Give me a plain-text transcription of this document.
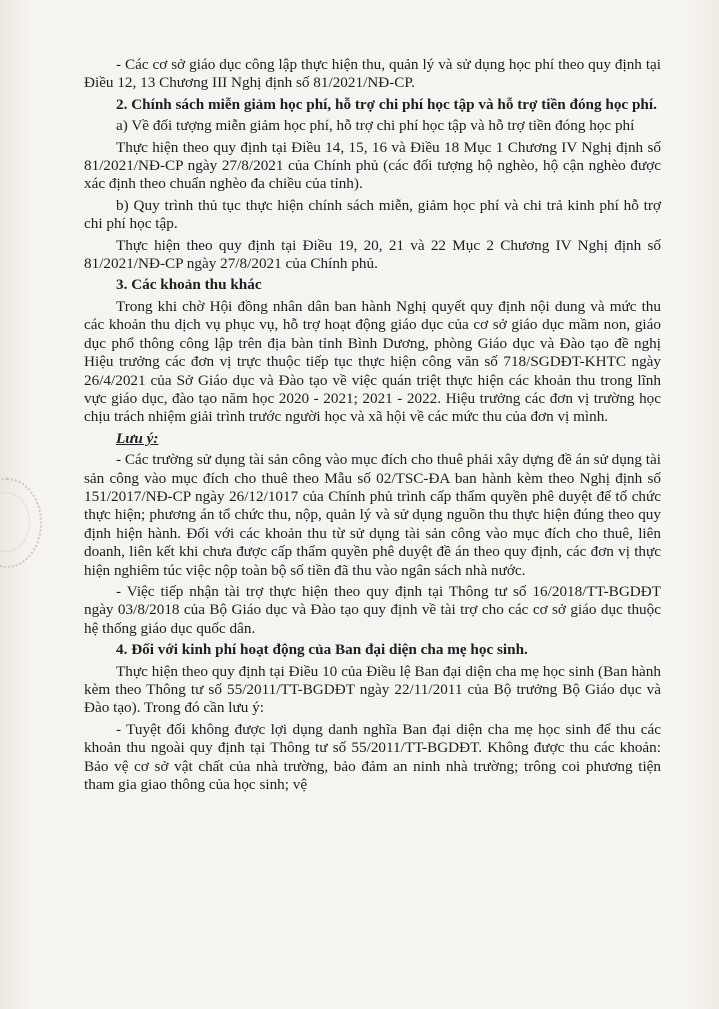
- Các cơ sở giáo dục công lập thực hiện thu, quản lý và sử dụng học phí theo quy định tại Điều 12, 13 Chương III Nghị định số 81/2021/NĐ-CP.

2. Chính sách miễn giảm học phí, hỗ trợ chi phí học tập và hỗ trợ tiền đóng học phí.

a) Về đối tượng miễn giảm học phí, hỗ trợ chi phí học tập và hỗ trợ tiền đóng học phí

Thực hiện theo quy định tại Điều 14, 15, 16 và Điều 18 Mục 1 Chương IV Nghị định số 81/2021/NĐ-CP ngày 27/8/2021 của Chính phủ (các đối tượng hộ nghèo, hộ cận nghèo được xác định theo chuẩn nghèo đa chiều của tỉnh).

b) Quy trình thủ tục thực hiện chính sách miễn, giảm học phí và chi trả kinh phí hỗ trợ chi phí học tập.

Thực hiện theo quy định tại Điều 19, 20, 21 và 22 Mục 2 Chương IV Nghị định số 81/2021/NĐ-CP ngày 27/8/2021 của Chính phủ.

3. Các khoản thu khác

Trong khi chờ Hội đồng nhân dân ban hành Nghị quyết quy định nội dung và mức thu các khoản thu dịch vụ phục vụ, hỗ trợ hoạt động giáo dục của cơ sở giáo dục mầm non, giáo dục phổ thông công lập trên địa bàn tỉnh Bình Dương, phòng Giáo dục và Đào tạo đề nghị Hiệu trưởng các đơn vị trực thuộc tiếp tục thực hiện công văn số 718/SGDĐT-KHTC ngày 26/4/2021 của Sở Giáo dục và Đào tạo về việc quán triệt thực hiện các khoản thu trong lĩnh vực giáo dục, đào tạo năm học 2020 - 2021; 2021 - 2022. Hiệu trưởng các đơn vị trường học chịu trách nhiệm giải trình trước người học và xã hội về các mức thu của đơn vị mình.

Lưu ý:

- Các trường sử dụng tài sản công vào mục đích cho thuê phải xây dựng đề án sử dụng tài sản công vào mục đích cho thuê theo Mẫu số 02/TSC-ĐA ban hành kèm theo Nghị định số 151/2017/NĐ-CP ngày 26/12/1017 của Chính phủ trình cấp thẩm quyền phê duyệt để tổ chức thực hiện; phương án tổ chức thu, nộp, quản lý và sử dụng nguồn thu thực hiện đúng theo quy định hiện hành. Đối với các khoản thu từ sử dụng tài sản công vào mục đích cho thuê, liên doanh, liên kết khi chưa được cấp thẩm quyền phê duyệt đề án theo quy định, các đơn vị thực hiện nghiêm túc việc nộp toàn bộ số tiền đã thu vào ngân sách nhà nước.

- Việc tiếp nhận tài trợ thực hiện theo quy định tại Thông tư số 16/2018/TT-BGDĐT ngày 03/8/2018 của Bộ Giáo dục và Đào tạo quy định về tài trợ cho các cơ sở giáo dục thuộc hệ thống giáo dục quốc dân.

4. Đối với kinh phí hoạt động của Ban đại diện cha mẹ học sinh.

Thực hiện theo quy định tại Điều 10 của Điều lệ Ban đại diện cha mẹ học sinh (Ban hành kèm theo Thông tư số 55/2011/TT-BGDĐT ngày 22/11/2011 của Bộ trưởng Bộ Giáo dục và Đào tạo). Trong đó cần lưu ý:

- Tuyệt đối không được lợi dụng danh nghĩa Ban đại diện cha mẹ học sinh để thu các khoản thu ngoài quy định tại Thông tư số 55/2011/TT-BGDĐT. Không được thu các khoản: Bảo vệ cơ sở vật chất của nhà trường, bảo đảm an ninh nhà trường; trông coi phương tiện tham gia giao thông của học sinh; vệ
